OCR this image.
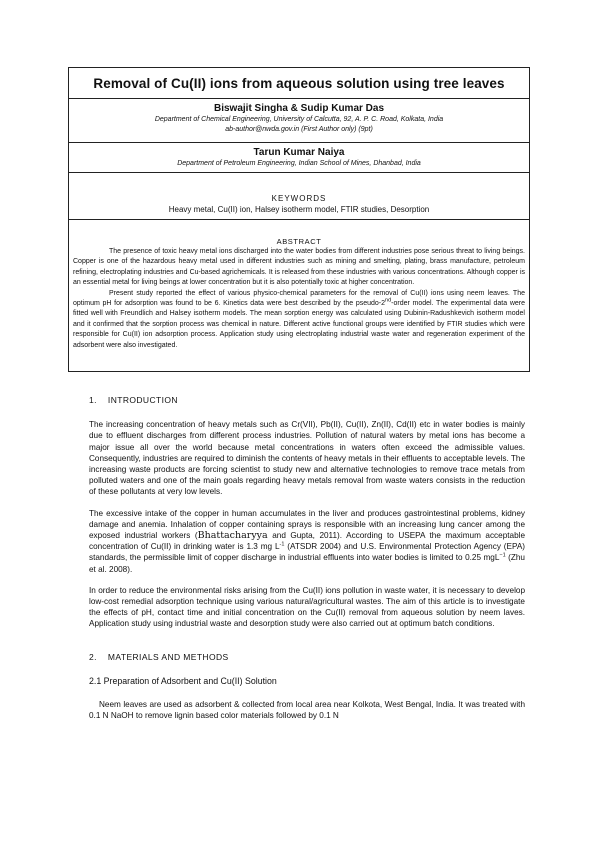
Removal of Cu(II) ions from aqueous solution using tree leaves
Biswajit Singha & Sudip Kumar Das
Department of Chemical Engineering, University of Calcutta, 92, A. P. C. Road, Kolkata, India
ab-author@nwda.gov.in (First Author only) (9pt)
Tarun Kumar Naiya
Department of Petroleum Engineering, Indian School of Mines, Dhanbad, India
KEYWORDS
Heavy metal, Cu(II) ion, Halsey isotherm model, FTIR studies, Desorption
ABSTRACT

The presence of toxic heavy metal ions discharged into the water bodies from different industries pose serious threat to living beings. Copper is one of the hazardous heavy metal used in different industries such as mining and smelting, plating, brass manufacture, petroleum refining, electroplating industries and Cu-based agrichemicals. It is released from these industries with various concentrations. Although copper is an essential metal for living beings at lower concentration but it is also potentially toxic at higher concentration.

Present study reported the effect of various physico-chemical parameters for the removal of Cu(II) ions using neem leaves. The optimum pH for adsorption was found to be 6. Kinetics data were best described by the pseudo-2nd-order model. The experimental data were fitted well with Freundlich and Halsey isotherm models. The mean sorption energy was calculated using Dubinin-Radushkevich isotherm model and it confirmed that the sorption process was chemical in nature. Different active functional groups were identified by FTIR studies which were responsible for Cu(II) ion adsorption process. Application study using electroplating industrial waste water and regeneration experiment of the adsorbent were also investigated.

1.    INTRODUCTION

The increasing concentration of heavy metals such as Cr(VII), Pb(II), Cu(II), Zn(II), Cd(II) etc in water bodies is mainly due to effluent discharges from different process industries. Pollution of natural waters by metal ions has become a major issue all over the world because metal concentrations in waters often exceed the admissible values. Consequently, industries are required to diminish the contents of heavy metals in their effluents to acceptable levels. The increasing waste products are forcing scientist to study new and alternative technologies to remove trace metals from polluted waters and one of the main goals regarding heavy metals removal from waste waters consists in the reduction of these pollutants at very low levels.

The excessive intake of the copper in human accumulates in the liver and produces gastrointestinal problems, kidney damage and anemia. Inhalation of copper containing sprays is responsible with an increasing lung cancer among the exposed industrial workers (Bhattacharyya and Gupta, 2011). According to USEPA the maximum acceptable concentration of Cu(II) in drinking water is 1.3 mg $L^{-1}$ (ATSDR 2004) and U.S. Environmental Protection Agency (EPA) standards, the permissible limit of copper discharge in industrial effluents into water bodies is limited to 0.25 mgL$^{-1}$ (Zhu et al. 2008).

In order to reduce the environmental risks arising from the Cu(II) ions pollution in waste water, it is necessary to develop low-cost remedial adsorption technique using various natural/agricultural wastes. The aim of this article is to investigate the effects of pH, contact time and initial concentration on the Cu(II) removal from aqueous solution by neem laves. Application study using industrial waste and desorption study were also carried out at optimum batch conditions.

2.    MATERIALS AND METHODS
2.1 Preparation of Adsorbent and Cu(II) Solution

Neem leaves are used as adsorbent & collected from local area near Kolkota, West Bengal, India. It was treated with 0.1 N NaOH to remove lignin based color materials followed by 0.1 N
